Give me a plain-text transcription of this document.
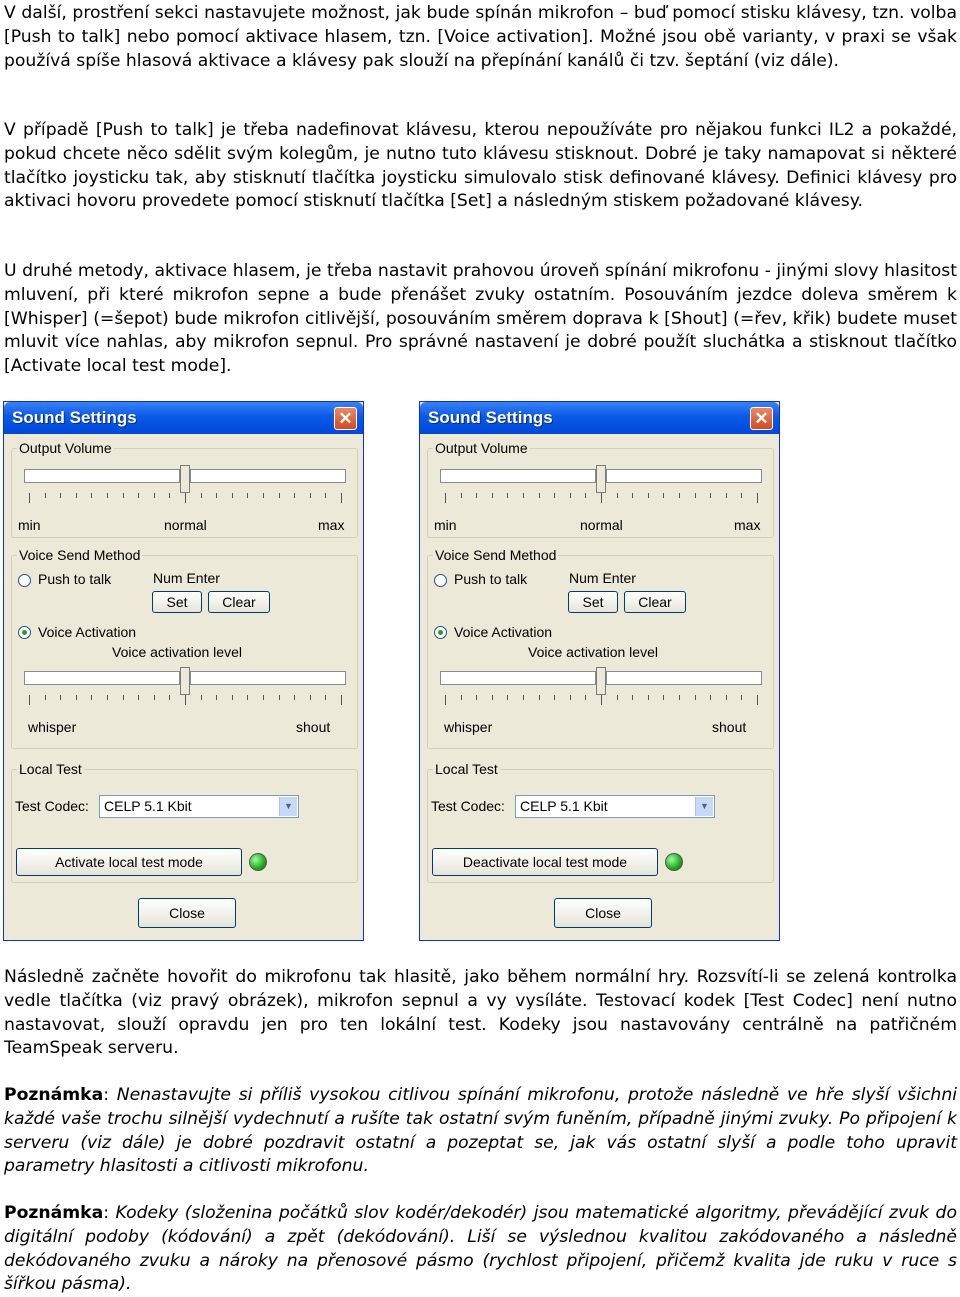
V další, prostření sekci nastavujete možnost, jak bude spínán mikrofon – buď pomocí stisku klávesy, tzn. volba [Push to talk] nebo pomocí aktivace hlasem, tzn. [Voice activation]. Možné jsou obě varianty, v praxi se však používá spíše hlasová aktivace a klávesy pak slouží na přepínání kanálů či tzv. šeptání (viz dále).

V případě [Push to talk] je třeba nadefinovat klávesu, kterou nepoužíváte pro nějakou funkci IL2 a pokaždé, pokud chcete něco sdělit svým kolegům, je nutno tuto klávesu stisknout. Dobré je taky namapovat si některé tlačítko joysticku tak, aby stisknutí tlačítka joysticku simulovalo stisk definované klávesy. Definici klávesy pro aktivaci hovoru provedete pomocí stisknutí tlačítka [Set] a následným stiskem požadované klávesy.

U druhé metody, aktivace hlasem, je třeba nastavit prahovou úroveň spínání mikrofonu - jinými slovy hlasitost mluvení, při které mikrofon sepne a bude přenášet zvuky ostatním. Posouváním jezdce doleva směrem k [Whisper] (=šepot) bude mikrofon citlivější, posouváním směrem doprava k [Shout] (=řev, křik) budete muset mluvit více nahlas, aby mikrofon sepnul. Pro správné nastavení je dobré použít sluchátka a stisknout tlačítko [Activate local test mode].

Sound Settings	✕
Output Volume
min	normal	max
Voice Send Method
Push to talk	Num Enter
Set	Clear
Voice Activation
Voice activation level
whisper	shout
Local Test
Test Codec:	CELP 5.1 Kbit	▼
Activate local test mode
Close
Sound Settings	✕
Output Volume
min	normal	max
Voice Send Method
Push to talk	Num Enter
Set	Clear
Voice Activation
Voice activation level
whisper	shout
Local Test
Test Codec:	CELP 5.1 Kbit	▼
Deactivate local test mode
Close

Následně začněte hovořit do mikrofonu tak hlasitě, jako během normální hry. Rozsvítí-li se zelená kontrolka vedle tlačítka (viz pravý obrázek), mikrofon sepnul a vy vysíláte. Testovací kodek [Test Codec] není nutno nastavovat, slouží opravdu jen pro ten lokální test. Kodeky jsou nastavovány centrálně na patřičném TeamSpeak serveru.

Poznámka: Nenastavujte si příliš vysokou citlivou spínání mikrofonu, protože následně ve hře slyší všichni každé vaše trochu silnější vydechnutí a rušíte tak ostatní svým funěním, případně jinými zvuky. Po připojení k serveru (viz dále) je dobré pozdravit ostatní a pozeptat se, jak vás ostatní slyší a podle toho upravit parametry hlasitosti a citlivosti mikrofonu.

Poznámka: Kodeky (složenina počátků slov kodér/dekodér) jsou matematické algoritmy, převádějící zvuk do digitální podoby (kódování) a zpět (dekódování). Liší se výslednou kvalitou zakódovaného a následně dekódovaného zvuku a nároky na přenosové pásmo (rychlost připojení, přičemž kvalita jde ruku v ruce s šířkou pásma).
